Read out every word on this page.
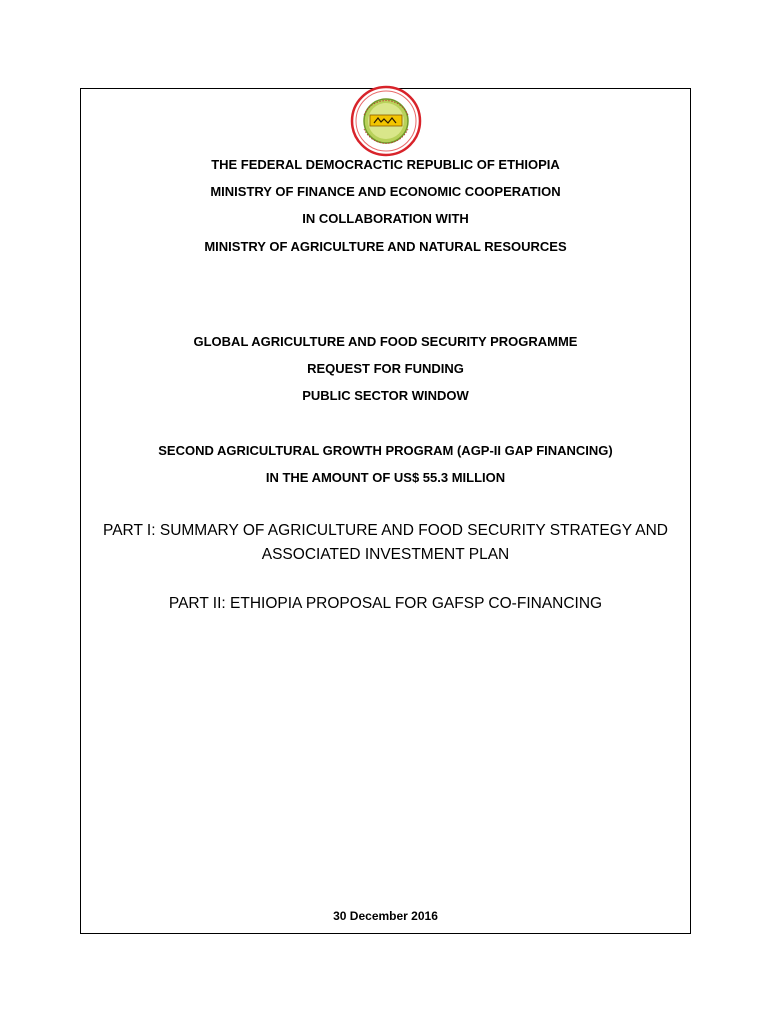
THE FEDERAL DEMOCRACTIC REPUBLIC OF ETHIOPIA
MINISTRY OF FINANCE AND ECONOMIC COOPERATION
IN COLLABORATION WITH
MINISTRY OF AGRICULTURE AND NATURAL RESOURCES
GLOBAL AGRICULTURE AND FOOD SECURITY PROGRAMME
REQUEST FOR FUNDING
PUBLIC SECTOR WINDOW
SECOND AGRICULTURAL GROWTH PROGRAM (AGP-II GAP FINANCING)
IN THE AMOUNT OF US$ 55.3 MILLION
PART I: SUMMARY OF AGRICULTURE AND FOOD SECURITY STRATEGY AND
ASSOCIATED INVESTMENT PLAN
PART II: ETHIOPIA PROPOSAL FOR GAFSP CO-FINANCING
30 December 2016
